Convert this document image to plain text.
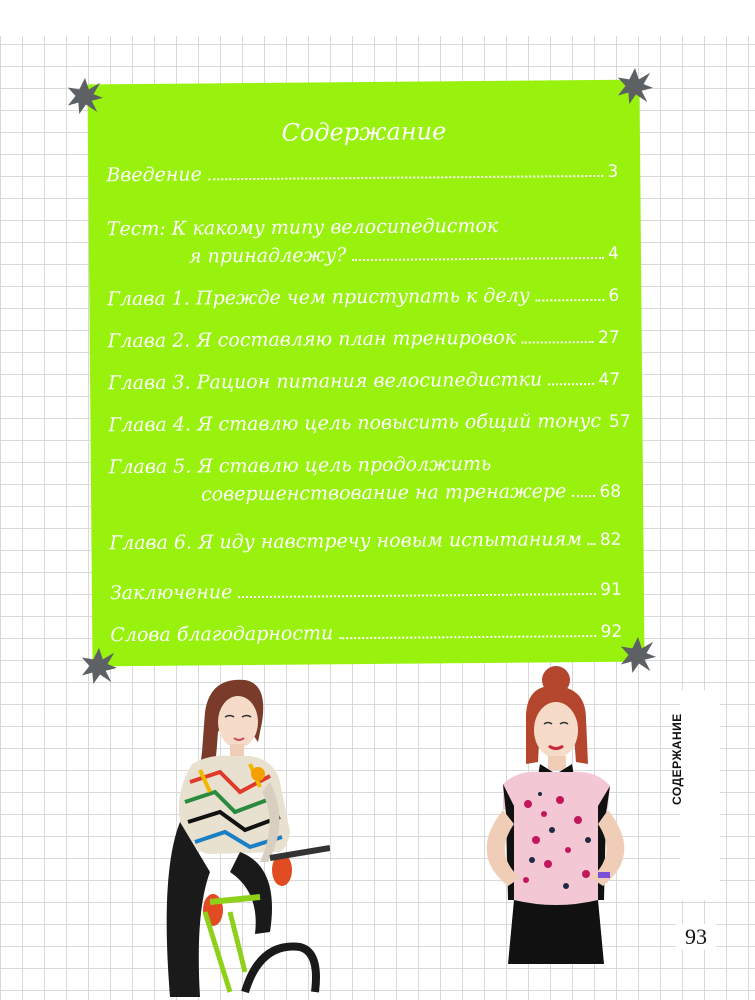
Содержание
Введение	3
Тест: К какому типу велосипедисток
я принадлежу?	4
Глава 1. Прежде чем приступать к делу	6
Глава 2. Я составляю план тренировок	27
Глава 3. Рацион питания велосипедистки	47
Глава 4. Я ставлю цель повысить общий тонус 57
Глава 5. Я ставлю цель продолжить
совершенствование на тренажере 68
Глава 6. Я иду навстречу новым испытаниям 82
Заключение	91
Слова благодарности	92
СОДЕРЖАНИЕ
93
